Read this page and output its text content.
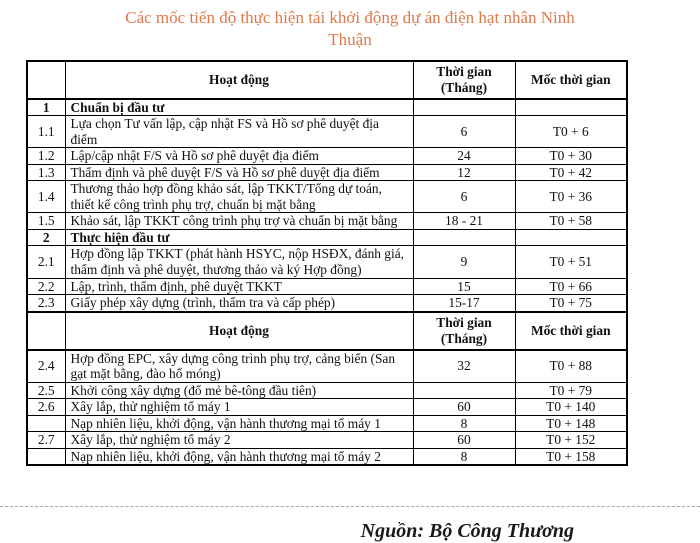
Các mốc tiến độ thực hiện tái khởi động dự án điện hạt nhân Ninh Thuận
	Hoạt động	Thời gian (Tháng)	Mốc thời gian
1	Chuẩn bị đầu tư		
1.1	Lựa chọn Tư vấn lập, cập nhật FS và Hồ sơ phê duyệt địa điểm	6	T0 + 6
1.2	Lập/cập nhật F/S và Hồ sơ phê duyệt địa điểm	24	T0 + 30
1.3	Thẩm định và phê duyệt F/S và Hồ sơ phê duyệt địa điểm	12	T0 + 42
1.4	Thương thảo hợp đồng khảo sát, lập TKKT/Tổng dự toán, thiết kế công trình phụ trợ, chuẩn bị mặt bằng	6	T0 + 36
1.5	Khảo sát, lập TKKT công trình phụ trợ và chuẩn bị mặt bằng	18 - 21	T0 + 58
2	Thực hiện đầu tư		
2.1	Hợp đồng lập TKKT (phát hành HSYC, nộp HSĐX, đánh giá, thẩm định và phê duyệt, thương thảo và ký Hợp đồng)	9	T0 + 51
2.2	Lập, trình, thẩm định, phê duyệt TKKT	15	T0 + 66
2.3	Giấy phép xây dựng (trình, thẩm tra và cấp phép)	15-17	T0 + 75
	Hoạt động	Thời gian (Tháng)	Mốc thời gian
2.4	Hợp đồng EPC, xây dựng công trình phụ trợ, cảng biển (San gạt mặt bằng, đào hố móng)	32	T0 + 88
2.5	Khởi công xây dựng (đổ mẻ bê-tông đầu tiên)		T0 + 79
2.6	Xây lắp, thử nghiệm tổ máy 1	60	T0 + 140
	Nạp nhiên liệu, khởi động, vận hành thương mại tổ máy 1	8	T0 + 148
2.7	Xây lắp, thử nghiệm tổ máy 2	60	T0 + 152
	Nạp nhiên liệu, khởi động, vận hành thương mại tổ máy 2	8	T0 + 158
Nguồn: Bộ Công Thương
